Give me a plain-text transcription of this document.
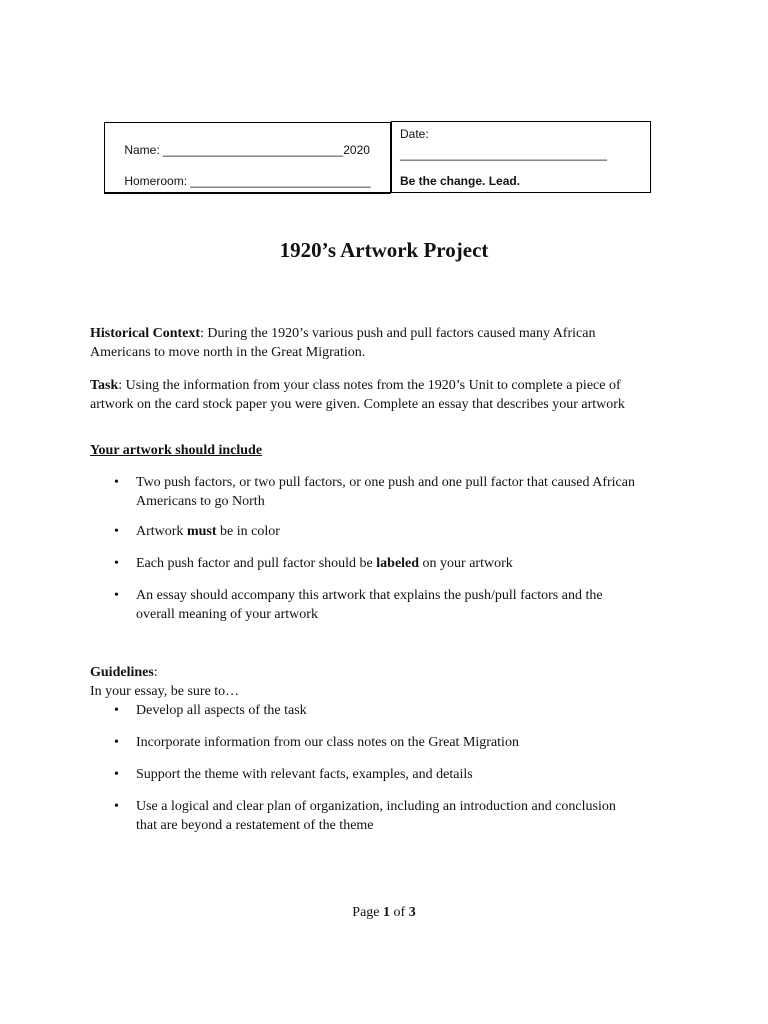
Name: ___________________________2020

Homeroom: ___________________________

Date:
_______________________________
Be the change. Lead.
1920’s Artwork Project
Historical Context: During the 1920’s various push and pull factors caused many African
Americans to move north in the Great Migration.
Task: Using the information from your class notes from the 1920’s Unit to complete a piece of
artwork on the card stock paper you were given. Complete an essay that describes your artwork
Your artwork should include
• Two push factors, or two pull factors, or one push and one pull factor that caused African
Americans to go North
• Artwork must be in color
• Each push factor and pull factor should be labeled on your artwork
• An essay should accompany this artwork that explains the push/pull factors and the
overall meaning of your artwork
Guidelines:
In your essay, be sure to…
• Develop all aspects of the task
• Incorporate information from our class notes on the Great Migration
• Support the theme with relevant facts, examples, and details
• Use a logical and clear plan of organization, including an introduction and conclusion
that are beyond a restatement of the theme
Page 1 of 3
